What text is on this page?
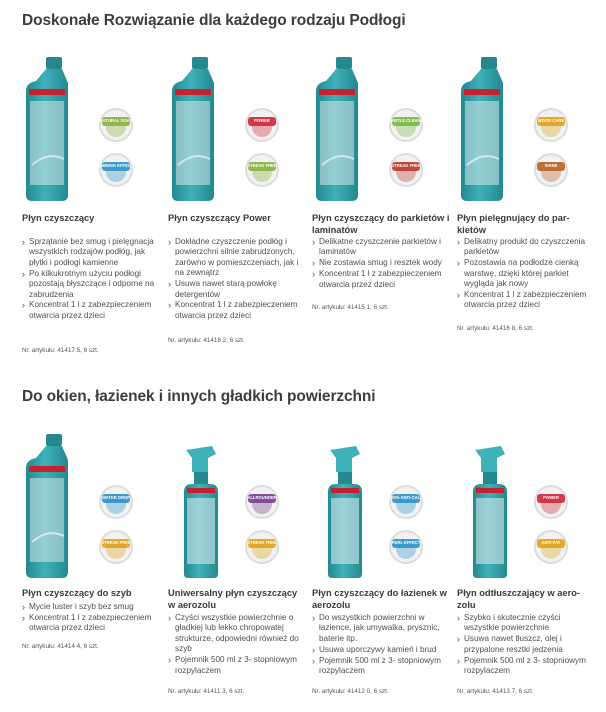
Doskonałe Rozwiązanie dla każdego rodzaju Podłogi
Do okien, łazienek i innych gładkich powierzchni
NATURAL SOAP
SHINING EFFECT
Płyn czyszczący
› Sprzątanie bez smug i pielęgnacja wszystkich rodzajów podłóg, jak płytki i podłogi kamienne
› Po kilkukrotnym użyciu podłogi pozostają błyszczące i odporne na zabrudzenia
› Koncentrat 1 l z zabezpieczeniem otwarcia przez dzieci
Nr. artykułu: 41417 5, 6 szt.
POWER
STREAK FREE
Płyn czyszczący Power
› Dokładne czyszczenie podłóg i powierzchni silnie zabrudzonych, zarówno w pomieszczeniach, jak i na zewnątrz
› Usuwa nawet starą powłokę detergentów
› Koncentrat 1 l z zabezpieczeniem otwarcia przez dzieci
Nr. artykułu: 41418 2, 6 szt.
GENTLE CLEANING
STREAK FREE
Płyn czyszczący do parkietów i laminatów
› Delikatne czyszczenie parkietów i laminatów
› Nie zostawia smug i resztek wody
› Koncentrat 1 l z zabezpieczeniem otwarcia przez dzieci
Nr. artykułu: 41415 1, 6 szt.
WOOD CARE
SHINE
Płyn pielęgnujący do parkietów
› Delikatny produkt do czyszczenia parkietów
› Pozostawia na podłodze cienką warstwę, dzięki której parkiet wygląda jak nowy
› Koncentrat 1 l z zabezpieczeniem otwarcia przez dzieci
Nr. artykułu: 41416 8, 6 szt.
WATER DROP
STREAK FREE
Płyn czyszczący do szyb
› Mycie luster i szyb bez smug
› Koncentrat 1 l z zabezpieczeniem otwarcia przez dzieci
Nr. artykułu: 41414 4, 6 szt.
ALLROUNDER
STREAK FREE
Uniwersalny płyn czyszczący w aerozolu
› Czyści wszystkie powierzchnie o gładkiej lub lekko chropowatej strukturze, odpowiedni również do szyb
› Pojemnik 500 ml z 3- stopniowym rozpylaczem
Nr. artykułu: 41411 3, 6 szt.
100% ANTI-CALC
PERL EFFECT
Płyn czyszczący do łazienek w aerozolu
› Do wszystkich powierzchni w łazience, jak umywalka, prysznic, baterie itp.
› Usuwa uporczywy kamień i brud
› Pojemnik 500 ml z 3- stopniowym rozpylaczem
Nr. artykułu: 41412 0, 6 szt.
POWER
ANTI FAT
Płyn odtłuszczający w aerozolu
› Szybko i skutecznie czyści wszystkie powierzchnie
› Usuwa nawet tłuszcz, olej i przypalone resztki jedzenia
› Pojemnik 500 ml z 3- stopniowym rozpylaczem
Nr. artykułu: 41413 7, 6 szt.
